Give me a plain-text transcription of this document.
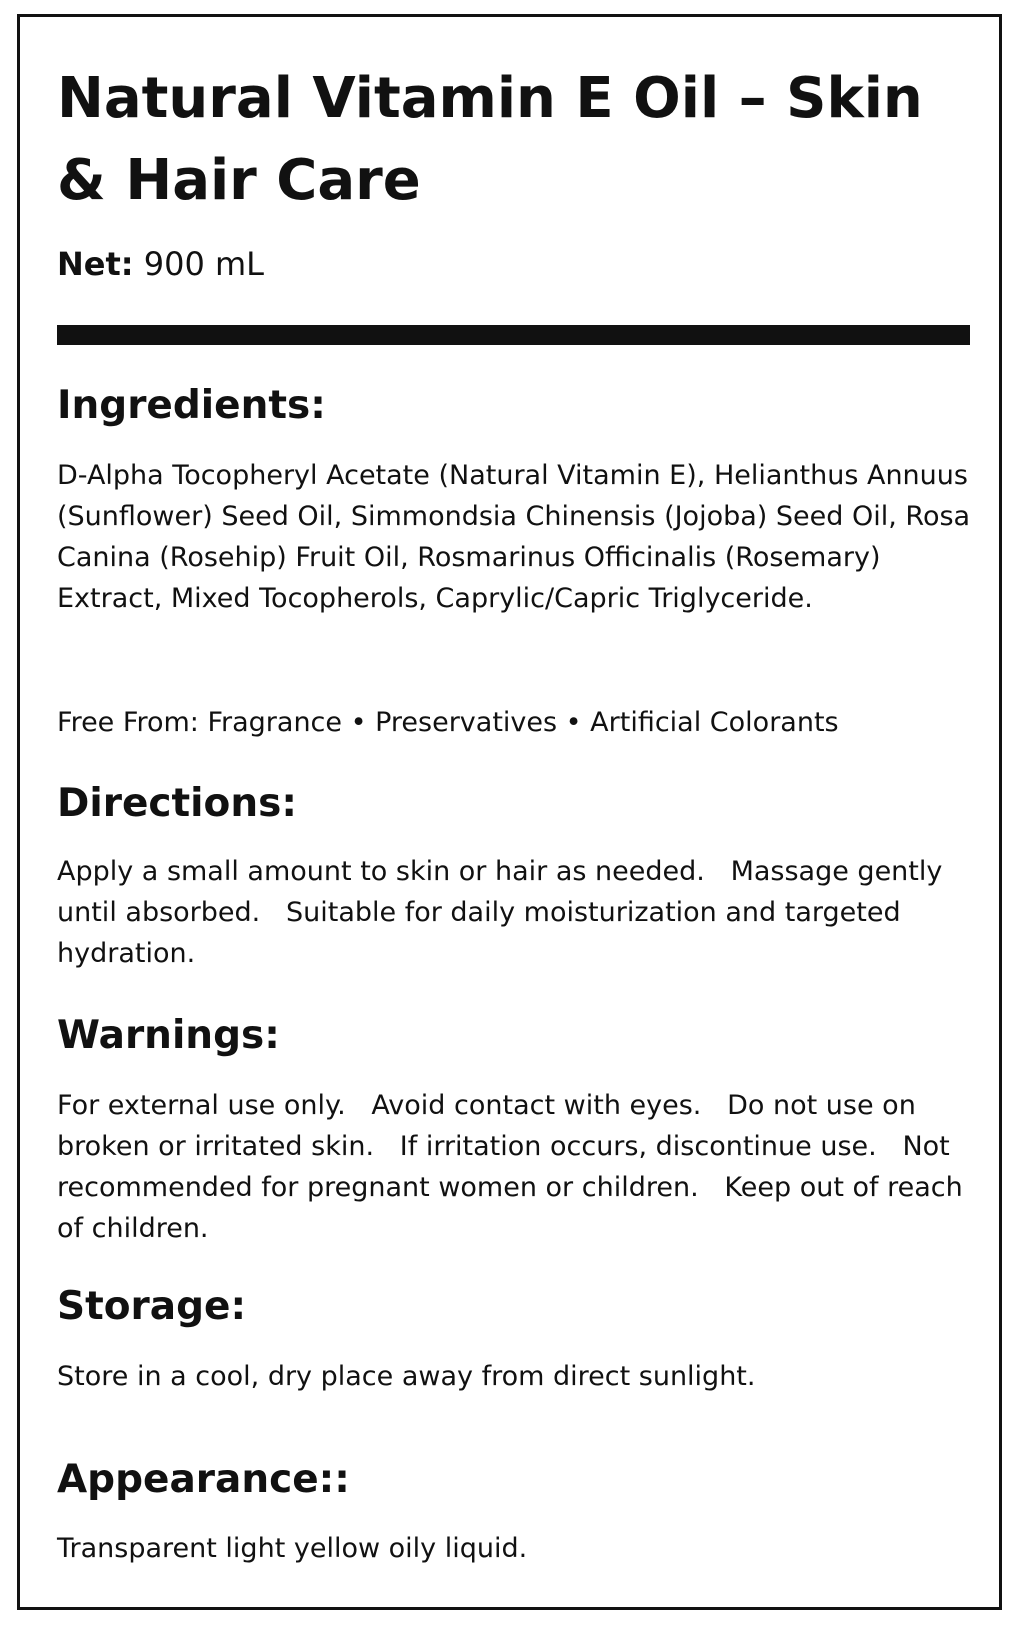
Natural Vitamin E Oil – Skin & Hair Care

Net: 900 mL

Ingredients:

D-Alpha Tocopheryl Acetate (Natural Vitamin E), Helianthus Annuus (Sunflower) Seed Oil, Simmondsia Chinensis (Jojoba) Seed Oil, Rosa Canina (Rosehip) Fruit Oil, Rosmarinus Officinalis (Rosemary) Extract, Mixed Tocopherols, Caprylic/Capric Triglyceride.

Free From: Fragrance • Preservatives • Artificial Colorants

Directions:

Apply a small amount to skin or hair as needed.   Massage gently until absorbed.   Suitable for daily moisturization and targeted hydration.

Warnings:

For external use only.   Avoid contact with eyes.   Do not use on broken or irritated skin.   If irritation occurs, discontinue use.   Not recommended for pregnant women or children.   Keep out of reach of children.

Storage:

Store in a cool, dry place away from direct sunlight.

Appearance::

Transparent light yellow oily liquid.
